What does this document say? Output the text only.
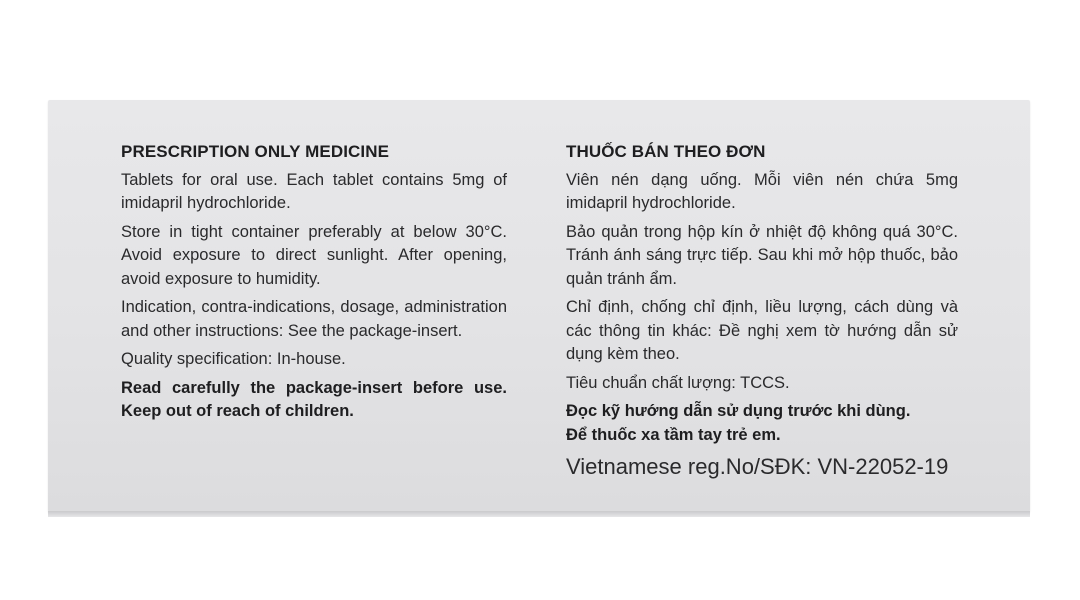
PRESCRIPTION ONLY MEDICINE

Tablets for oral use. Each tablet contains 5mg of imidapril hydrochloride.

Store in tight container preferably at below 30°C. Avoid exposure to direct sunlight. After opening, avoid exposure to humidity.

Indication, contra-indications, dosage, administration and other instructions: See the package-insert.

Quality specification: In-house.

Read carefully the package-insert before use. Keep out of reach of children.

THUỐC BÁN THEO ĐƠN

Viên nén dạng uống. Mỗi viên nén chứa 5mg imidapril hydrochloride.

Bảo quản trong hộp kín ở nhiệt độ không quá 30°C. Tránh ánh sáng trực tiếp. Sau khi mở hộp thuốc, bảo quản tránh ẩm.

Chỉ định, chống chỉ định, liều lượng, cách dùng và các thông tin khác: Đề nghị xem tờ hướng dẫn sử dụng kèm theo.

Tiêu chuẩn chất lượng: TCCS.

Đọc kỹ hướng dẫn sử dụng trước khi dùng.

Để thuốc xa tầm tay trẻ em.

Vietnamese reg.No/SĐK: VN-22052-19
